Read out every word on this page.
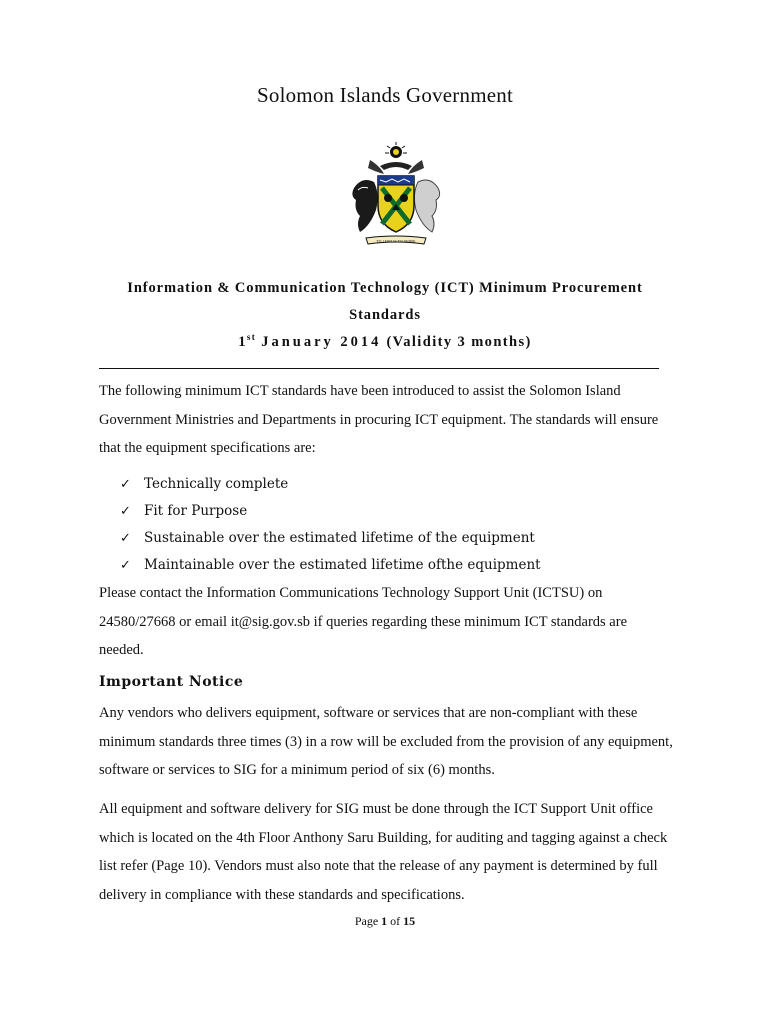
Solomon Islands Government
TO LEAD IS TO SERVE
Information & Communication Technology (ICT) Minimum Procurement
Standards
1st January 2014 (Validity 3 months)

The following minimum ICT standards have been introduced to assist the Solomon Island Government Ministries and Departments in procuring ICT equipment. The standards will ensure that the equipment specifications are:

✓ Technically complete
✓ Fit for Purpose
✓ Sustainable over the estimated lifetime of the equipment
✓ Maintainable over the estimated lifetime ofthe equipment

Please contact the Information Communications Technology Support Unit (ICTSU) on 24580/27668 or email it@sig.gov.sb if queries regarding these minimum ICT standards are needed.

Important Notice

Any vendors who delivers equipment, software or services that are non-compliant with these minimum standards three times (3) in a row will be excluded from the provision of any equipment, software or services to SIG for a minimum period of six (6) months.

All equipment and software delivery for SIG must be done through the ICT Support Unit office which is located on the 4th Floor Anthony Saru Building, for auditing and tagging against a check list refer (Page 10). Vendors must also note that the release of any payment is determined by full delivery in compliance with these standards and specifications.

Page 1 of 15
